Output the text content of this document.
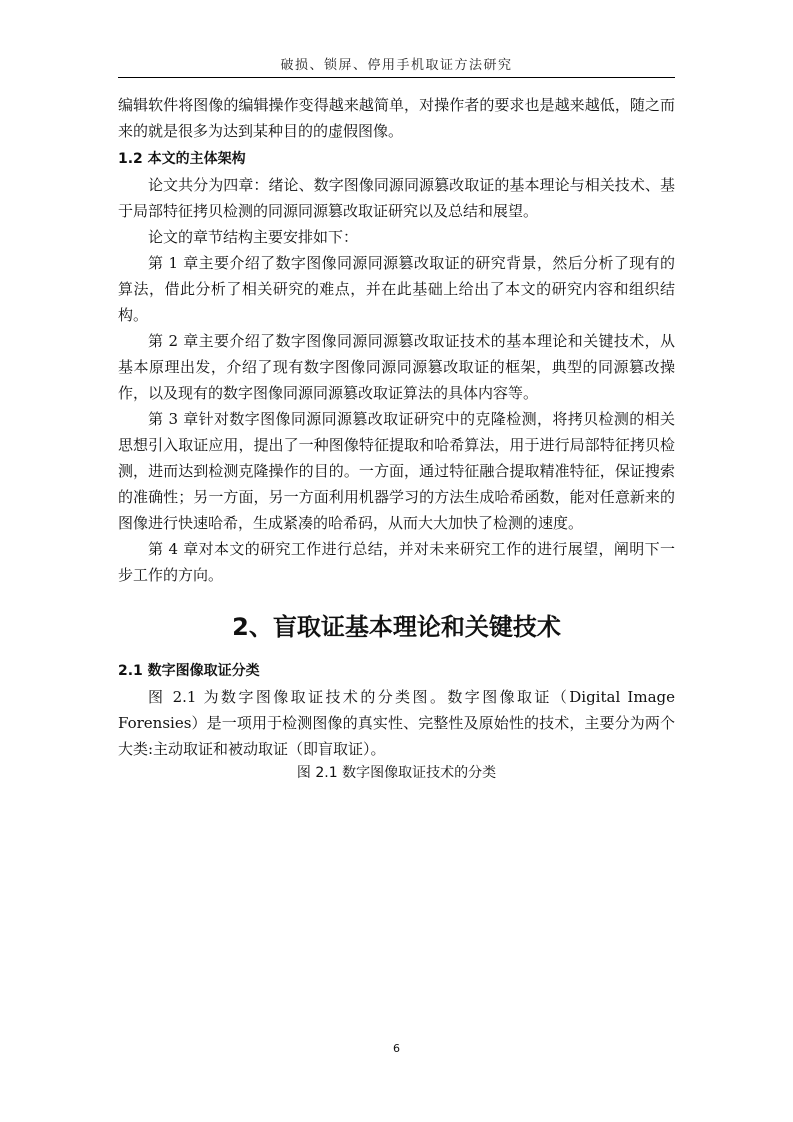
破损、锁屏、停用手机取证方法研究

编辑软件将图像的编辑操作变得越来越简单，对操作者的要求也是越来越低，随之而来的就是很多为达到某种目的的虚假图像。

1.2 本文的主体架构

论文共分为四章：绪论、数字图像同源同源篡改取证的基本理论与相关技术、基于局部特征拷贝检测的同源同源篡改取证研究以及总结和展望。

论文的章节结构主要安排如下：

第 1 章主要介绍了数字图像同源同源篡改取证的研究背景，然后分析了现有的算法，借此分析了相关研究的难点，并在此基础上给出了本文的研究内容和组织结构。

第 2 章主要介绍了数字图像同源同源篡改取证技术的基本理论和关键技术，从基本原理出发，介绍了现有数字图像同源同源篡改取证的框架，典型的同源篡改操作，以及现有的数字图像同源同源篡改取证算法的具体内容等。

第 3 章针对数字图像同源同源篡改取证研究中的克隆检测，将拷贝检测的相关思想引入取证应用，提出了一种图像特征提取和哈希算法，用于进行局部特征拷贝检测，进而达到检测克隆操作的目的。一方面，通过特征融合提取精准特征，保证搜索的准确性；另一方面，另一方面利用机器学习的方法生成哈希函数，能对任意新来的图像进行快速哈希，生成紧凑的哈希码，从而大大加快了检测的速度。

第 4 章对本文的研究工作进行总结，并对未来研究工作的进行展望，阐明下一步工作的方向。

2、盲取证基本理论和关键技术
2.1 数字图像取证分类

图 2.1 为数字图像取证技术的分类图。数字图像取证（Digital Image Forensies）是一项用于检测图像的真实性、完整性及原始性的技术，主要分为两个大类:主动取证和被动取证（即盲取证）。

图 2.1 数字图像取证技术的分类

6
